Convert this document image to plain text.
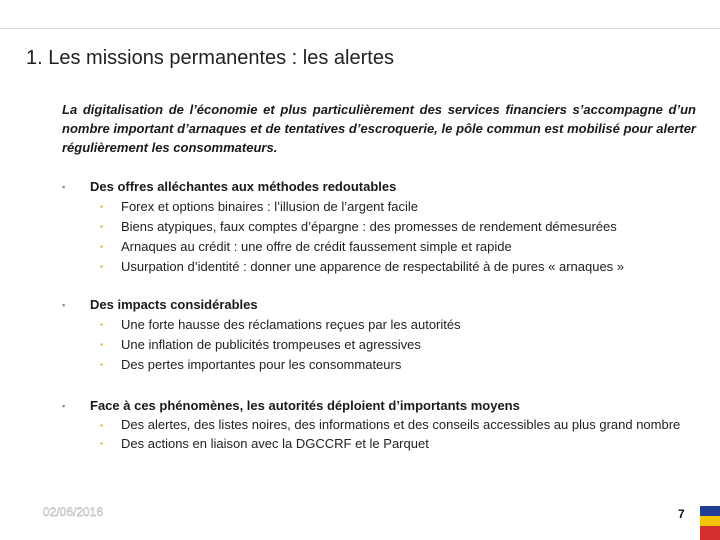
1. Les missions permanentes : les alertes

La digitalisation de l’économie et plus particulièrement des services financiers s’accompagne d’un nombre important d’arnaques et de tentatives d’escroquerie, le pôle commun est mobilisé pour alerter régulièrement les consommateurs.

▪ Des offres alléchantes aux méthodes redoutables
▪ Forex et options binaires : l’illusion de l’argent facile
▪ Biens atypiques, faux comptes d’épargne : des promesses de rendement démesurées
▪ Arnaques au crédit : une offre de crédit faussement simple et rapide
▪ Usurpation d’identité : donner une apparence de respectabilité à de pures « arnaques »
▪ Des impacts considérables
▪ Une forte hausse des réclamations reçues par les autorités
▪ Une inflation de publicités trompeuses et agressives
▪ Des pertes importantes pour les consommateurs
▪ Face à ces phénomènes, les autorités déploient d’importants moyens
▪ Des alertes, des listes noires, des informations et des conseils accessibles au plus grand nombre
▪ Des actions en liaison avec la DGCCRF et le Parquet
02/06/2016	7
